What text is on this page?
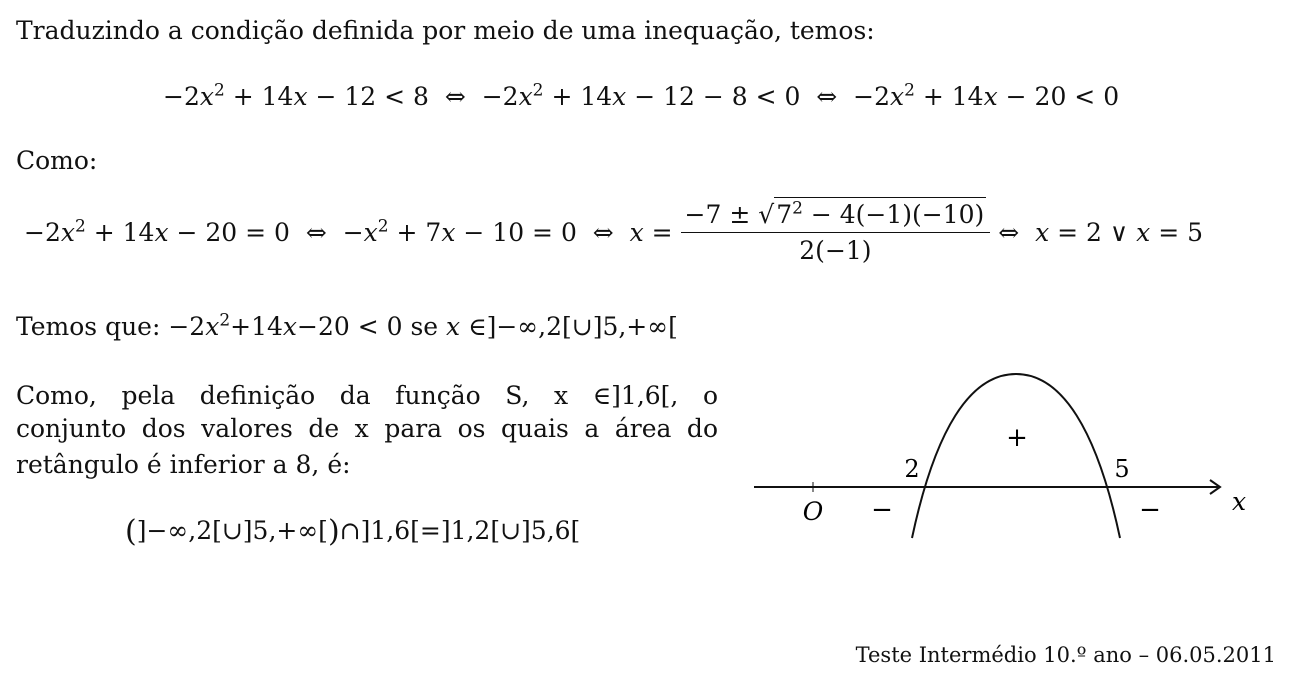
Traduzindo a condição definida por meio de uma inequação, temos:
$-2x^2 + 14x - 12 < 8$  ⇔  $-2x^2 + 14x - 12 - 8 < 0$  ⇔  $-2x^2 + 14x - 20 < 0$
Como:
$-2x^2 + 14x - 20 = 0$  ⇔  $-x^2 + 7x - 10 = 0$  ⇔  $x = \frac{-7 \pm √7^2 - 4(-1)(-10)}{2(-1)}$ ⇔  x = 2 ∨ x = 5
Temos que: $-2x^2+14x-20 < 0$ se x ∈]−∞,2[∪]5,+∞[
Como, pela definição da função S, x ∈]1,6[, o
conjunto dos valores de x para os quais a área do
retângulo é inferior a 8, é:
(]−∞,2[∪]5,+∞[)∩]1,6[=]1,2[∪]5,6[
2	5
+
−	−
O	x
Teste Intermédio 10.º ano – 06.05.2011
